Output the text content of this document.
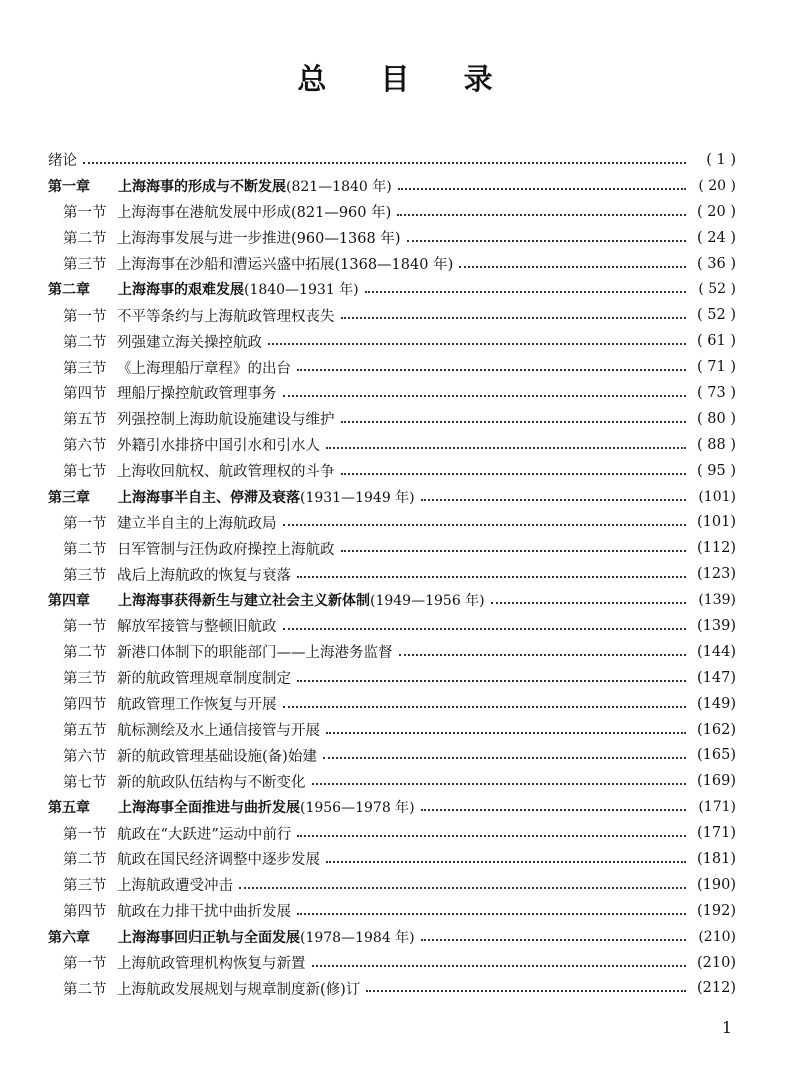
总 目 录
绪论	( 1 )
第一章	上海海事的形成与不断发展(821—1840 年)	( 20 )
第一节 上海海事在港航发展中形成(821—960 年)	( 20 )
第二节 上海海事发展与进一步推进(960—1368 年)	( 24 )
第三节 上海海事在沙船和漕运兴盛中拓展(1368—1840 年)	( 36 )
第二章	上海海事的艰难发展(1840—1931 年)	( 52 )
第一节 不平等条约与上海航政管理权丧失	( 52 )
第二节 列强建立海关操控航政	( 61 )
第三节 《上海理船厅章程》的出台	( 71 )
第四节 理船厅操控航政管理事务	( 73 )
第五节 列强控制上海助航设施建设与维护	( 80 )
第六节 外籍引水排挤中国引水和引水人	( 88 )
第七节 上海收回航权、航政管理权的斗争	( 95 )
第三章	上海海事半自主、停滞及衰落(1931—1949 年)	(101)
第一节 建立半自主的上海航政局	(101)
第二节 日军管制与汪伪政府操控上海航政	(112)
第三节 战后上海航政的恢复与衰落	(123)
第四章	上海海事获得新生与建立社会主义新体制(1949—1956 年)	(139)
第一节 解放军接管与整顿旧航政	(139)
第二节 新港口体制下的职能部门——上海港务监督	(144)
第三节 新的航政管理规章制度制定	(147)
第四节 航政管理工作恢复与开展	(149)
第五节 航标测绘及水上通信接管与开展	(162)
第六节 新的航政管理基础设施(备)始建	(165)
第七节 新的航政队伍结构与不断变化	(169)
第五章	上海海事全面推进与曲折发展(1956—1978 年)	(171)
第一节 航政在“大跃进”运动中前行	(171)
第二节 航政在国民经济调整中逐步发展	(181)
第三节 上海航政遭受冲击	(190)
第四节 航政在力排干扰中曲折发展	(192)
第六章	上海海事回归正轨与全面发展(1978—1984 年)	(210)
第一节 上海航政管理机构恢复与新置	(210)
第二节 上海航政发展规划与规章制度新(修)订	(212)
1
